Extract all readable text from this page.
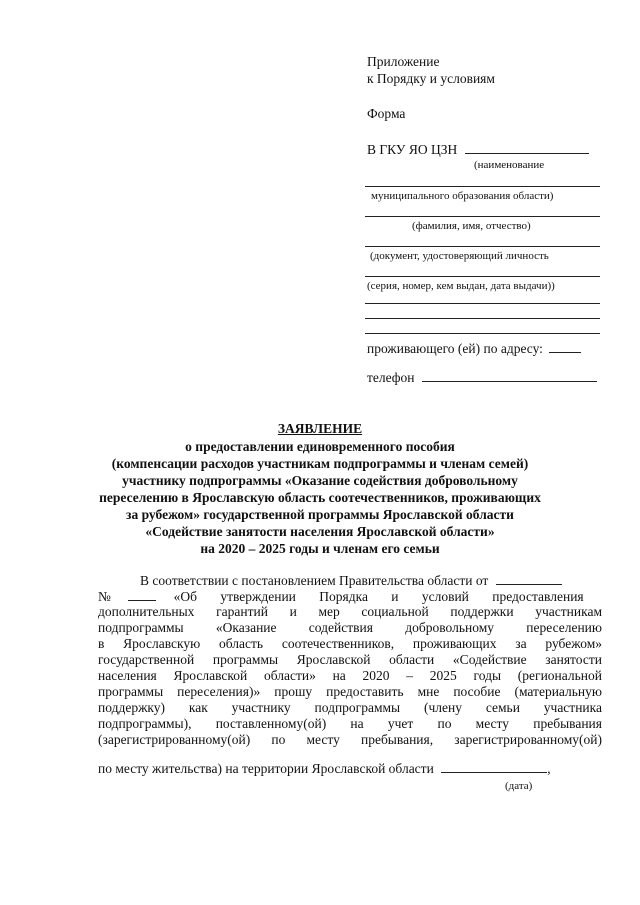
Приложение
к Порядку и условиям
Форма
В ГКУ ЯО ЦЗН
(наименование
муниципального образования области)
(фамилия, имя, отчество)
(документ, удостоверяющий личность
(серия, номер, кем выдан, дата выдачи))
проживающего (ей) по адресу:
телефон
ЗАЯВЛЕНИЕ
о предоставлении единовременного пособия
(компенсации расходов участникам подпрограммы и членам семей)
участнику подпрограммы «Оказание содействия добровольному
переселению в Ярославскую область соотечественников, проживающих
за рубежом» государственной программы Ярославской области
«Содействие занятости населения Ярославской области»
на 2020 – 2025 годы и членам его семьи
В соответствии с постановлением Правительства области от
№	«Об утверждении Порядка и условий предоставления
дополнительных гарантий и мер социальной поддержки участникам
подпрограммы «Оказание содействия добровольному переселению
в Ярославскую область соотечественников, проживающих за рубежом»
государственной программы Ярославской области «Содействие занятости
населения Ярославской области» на 2020 – 2025 годы (региональной
программы переселения)» прошу предоставить мне пособие (материальную
поддержку) как участнику подпрограммы (члену семьи участника
подпрограммы), поставленному(ой) на учет по месту пребывания
(зарегистрированному(ой) по месту пребывания, зарегистрированному(ой)
по месту жительства) на территории Ярославской области	,
(дата)
